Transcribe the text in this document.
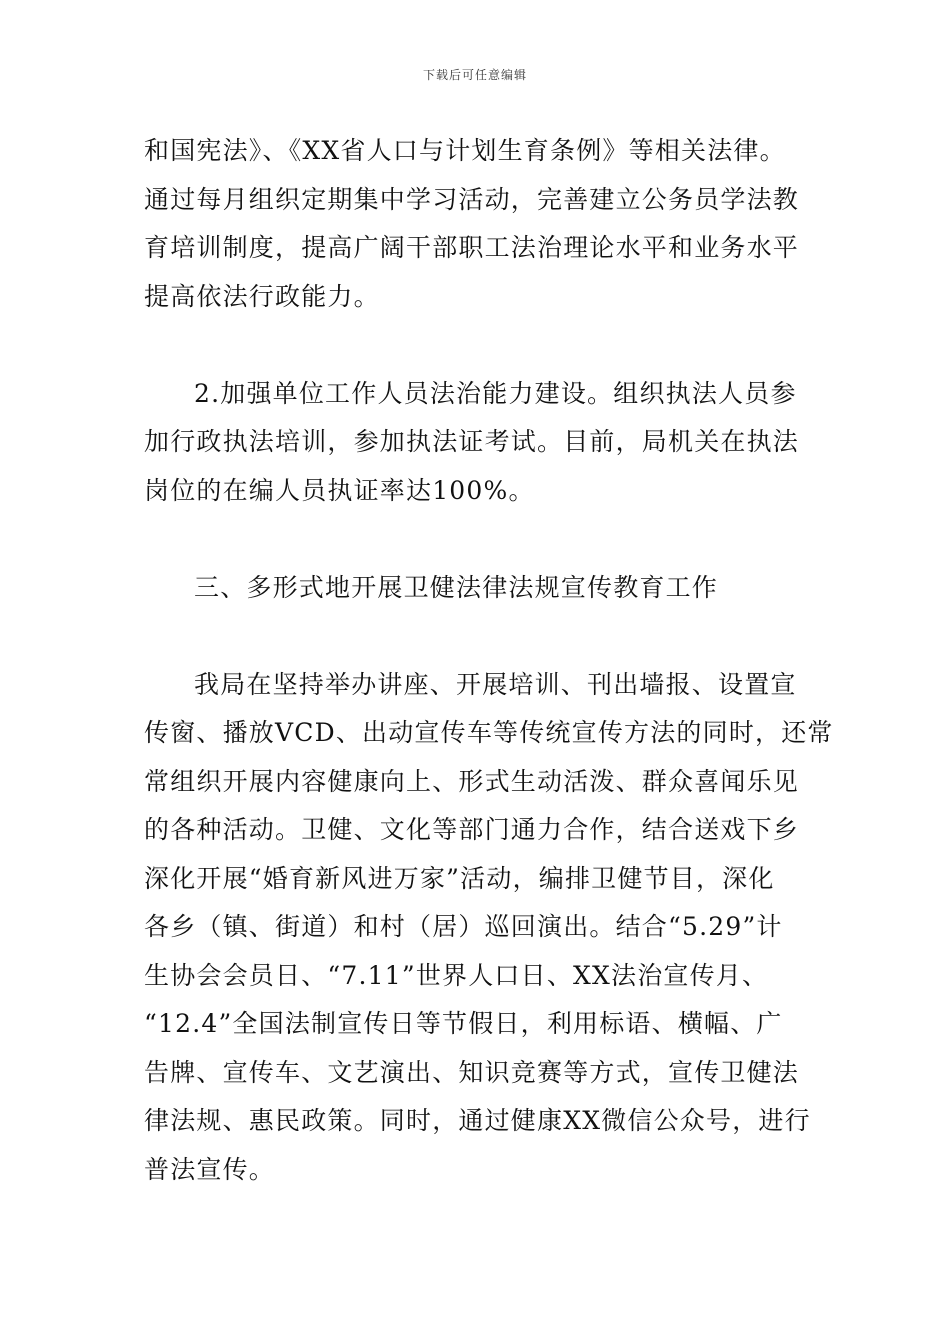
下载后可任意编辑

和国宪法》、《XX省人口与计划生育条例》等相关法律。
通过每月组织定期集中学习活动，完善建立公务员学法教
育培训制度，提高广阔干部职工法治理论水平和业务水平
提高依法行政能力。

2.加强单位工作人员法治能力建设。组织执法人员参
加行政执法培训，参加执法证考试。目前，局机关在执法
岗位的在编人员执证率达100%。

三、多形式地开展卫健法律法规宣传教育工作

我局在坚持举办讲座、开展培训、刊出墙报、设置宣
传窗、播放VCD、出动宣传车等传统宣传方法的同时，还常
常组织开展内容健康向上、形式生动活泼、群众喜闻乐见
的各种活动。卫健、文化等部门通力合作，结合送戏下乡
深化开展“婚育新风进万家”活动，编排卫健节目，深化
各乡（镇、街道）和村（居）巡回演出。结合“5.29”计
生协会会员日、“7.11”世界人口日、XX法治宣传月、
“12.4”全国法制宣传日等节假日，利用标语、横幅、广
告牌、宣传车、文艺演出、知识竞赛等方式，宣传卫健法
律法规、惠民政策。同时，通过健康XX微信公众号，进行
普法宣传。
